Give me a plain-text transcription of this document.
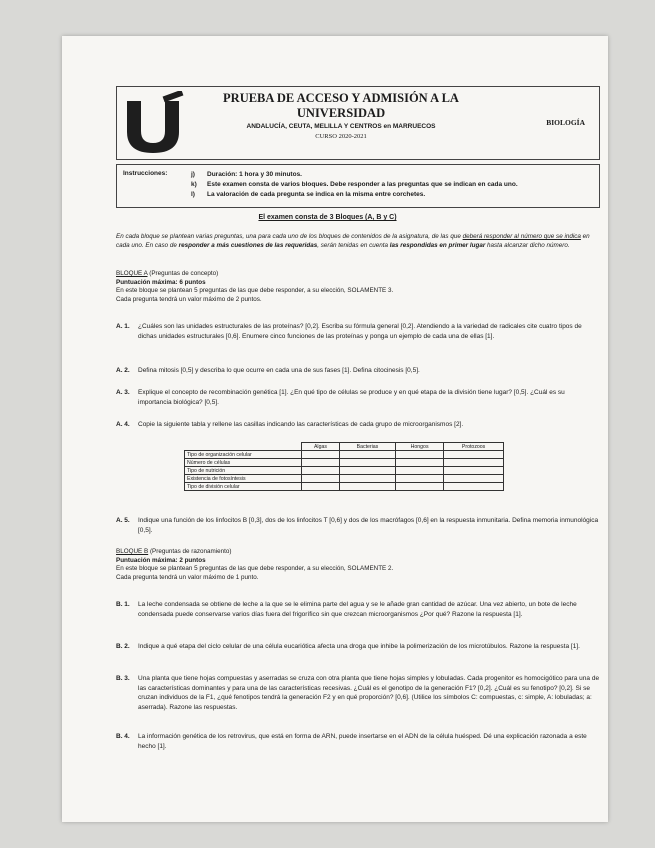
PRUEBA DE ACCESO Y ADMISIÓN A LA

UNIVERSIDAD

ANDALUCÍA, CEUTA, MELILLA Y CENTROS en MARRUECOS
CURSO 2020-2021
BIOLOGÍA
Instrucciones:	j)	Duración: 1 hora y 30 minutos.
k)	Este examen consta de varios bloques. Debe responder a las preguntas que se indican en cada uno.
l)	La valoración de cada pregunta se indica en la misma entre corchetes.
El examen consta de 3 Bloques (A, B y C)
En cada bloque se plantean varias preguntas, una para cada uno de los bloques de contenidos de la asignatura, de las que deberá responder al número que se indica en cada uno. En caso de responder a más cuestiones de las requeridas, serán tenidas en cuenta las respondidas en primer lugar hasta alcanzar dicho número.
BLOQUE A (Preguntas de concepto)
Puntuación máxima: 6 puntos
En este bloque se plantean 5 preguntas de las que debe responder, a su elección, SOLAMENTE 3.
Cada pregunta tendrá un valor máximo de 2 puntos.
A. 1.	¿Cuáles son las unidades estructurales de las proteínas? [0,2]. Escriba su fórmula general [0,2]. Atendiendo a la variedad de radicales cite cuatro tipos de dichas unidades estructurales [0,6]. Enumere cinco funciones de las proteínas y ponga un ejemplo de cada una de ellas [1].
A. 2.	Defina mitosis [0,5] y describa lo que ocurre en cada una de sus fases [1]. Defina citocinesis [0,5].
A. 3.	Explique el concepto de recombinación genética [1]. ¿En qué tipo de células se produce y en qué etapa de la división tiene lugar? [0,5]. ¿Cuál es su importancia biológica? [0,5].
A. 4.	Copie la siguiente tabla y rellene las casillas indicando las características de cada grupo de microorganismos [2].
	Algas	Bacterias	Hongos	Protozoos
Tipo de organización celular				
Número de células				
Tipo de nutrición				
Existencia de fotosíntesis				
Tipo de división celular				
A. 5.	Indique una función de los linfocitos B [0,3], dos de los linfocitos T [0,6] y dos de los macrófagos [0,6] en la respuesta inmunitaria. Defina memoria inmunológica [0,5].
BLOQUE B (Preguntas de razonamiento)
Puntuación máxima: 2 puntos
En este bloque se plantean 5 preguntas de las que debe responder, a su elección, SOLAMENTE 2.
Cada pregunta tendrá un valor máximo de 1 punto.
B. 1.	La leche condensada se obtiene de leche a la que se le elimina parte del agua y se le añade gran cantidad de azúcar. Una vez abierto, un bote de leche condensada puede conservarse varios días fuera del frigorífico sin que crezcan microorganismos ¿Por qué? Razone la respuesta [1].
B. 2.	Indique a qué etapa del ciclo celular de una célula eucariótica afecta una droga que inhibe la polimerización de los microtúbulos. Razone la respuesta [1].
B. 3.	Una planta que tiene hojas compuestas y aserradas se cruza con otra planta que tiene hojas simples y lobuladas. Cada progenitor es homocigótico para una de las características dominantes y para una de las características recesivas. ¿Cuál es el genotipo de la generación F1? [0,2]. ¿Cuál es su fenotipo? [0,2]. Si se cruzan individuos de la F1, ¿qué fenotipos tendrá la generación F2 y en qué proporción? [0,6]. (Utilice los símbolos C: compuestas, c: simple, A: lobuladas; a: aserrada). Razone las respuestas.
B. 4.	La información genética de los retrovirus, que está en forma de ARN, puede insertarse en el ADN de la célula huésped. Dé una explicación razonada a este hecho [1].
